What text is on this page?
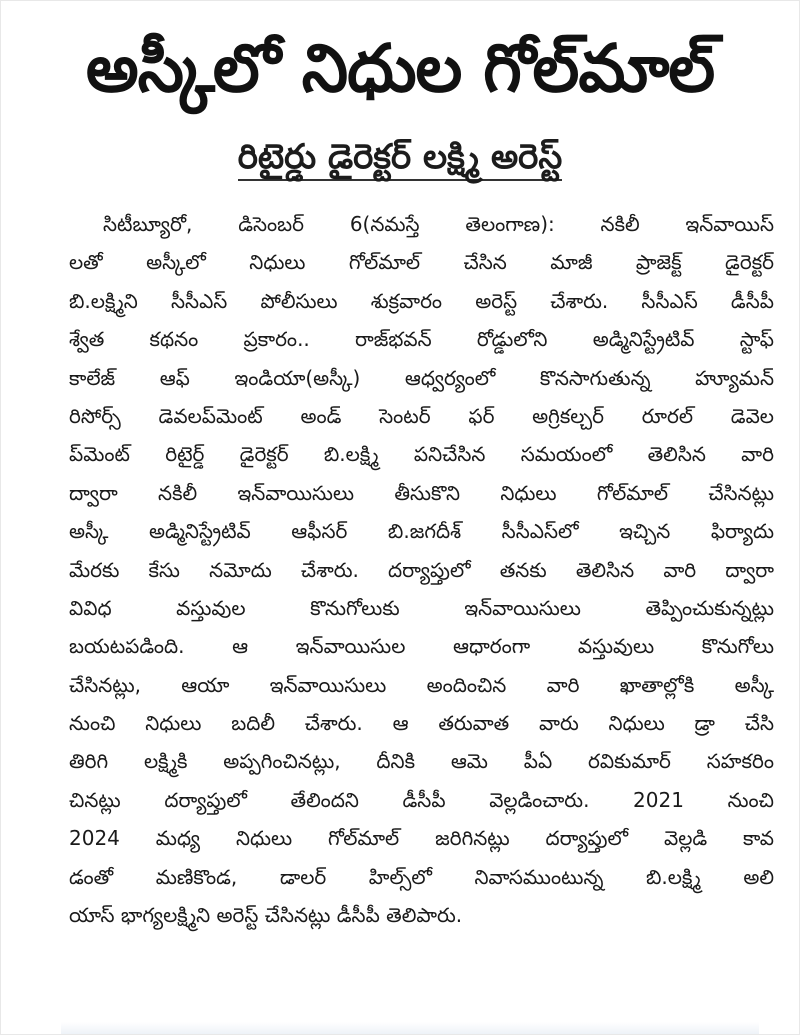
అస్కీలో నిధుల గోల్‌మాల్
రిటైర్డు డైరెక్టర్ లక్ష్మి అరెస్ట్
సిటీబ్యూరో, డిసెంబర్ 6(నమస్తే తెలంగాణ): నకిలీ ఇన్‌వాయిస్
లతో అస్కీలో నిధులు గోల్‌మాల్ చేసిన మాజీ ప్రాజెక్ట్ డైరెక్టర్
బి.లక్ష్మిని సీసీఎస్ పోలీసులు శుక్రవారం అరెస్ట్ చేశారు. సీసీఎస్ డీసీపీ
శ్వేత కథనం ప్రకారం.. రాజ్‌భవన్ రోడ్డులోని అడ్మినిస్ట్రేటివ్ స్టాఫ్
కాలేజ్ ఆఫ్ ఇండియా(అస్కీ) ఆధ్వర్యంలో కొనసాగుతున్న హ్యూమన్
రిసోర్స్ డెవలప్‌మెంట్ అండ్ సెంటర్ ఫర్ అగ్రికల్చర్ రూరల్ డెవెల
ప్‌మెంట్ రిటైర్డ్ డైరెక్టర్ బి.లక్ష్మి పనిచేసిన సమయంలో తెలిసిన వారి
ద్వారా నకిలీ ఇన్‌వాయిసులు తీసుకొని నిధులు గోల్‌మాల్ చేసినట్లు
అస్కీ అడ్మినిస్ట్రేటివ్ ఆఫీసర్ బి.జగదీశ్ సీసీఎస్‌లో ఇచ్చిన ఫిర్యాదు
మేరకు కేసు నమోదు చేశారు. దర్యాప్తులో తనకు తెలిసిన వారి ద్వారా
వివిధ వస్తువుల కొనుగోలుకు ఇన్‌వాయిసులు తెప్పించుకున్నట్లు
బయటపడింది. ఆ ఇన్‌వాయిసుల ఆధారంగా వస్తువులు కొనుగోలు
చేసినట్లు, ఆయా ఇన్‌వాయిసులు అందించిన వారి ఖాతాల్లోకి అస్కీ
నుంచి నిధులు బదిలీ చేశారు. ఆ తరువాత వారు నిధులు డ్రా చేసి
తిరిగి లక్ష్మికి అప్పగించినట్లు, దీనికి ఆమె పీఏ రవికుమార్ సహకరిం
చినట్లు దర్యాప్తులో తేలిందని డీసీపీ వెల్లడించారు. 2021 నుంచి
2024 మధ్య నిధులు గోల్‌మాల్ జరిగినట్లు దర్యాప్తులో వెల్లడి కావ
డంతో మణికొండ, డాలర్ హిల్స్‌లో నివాసముంటున్న బి.లక్ష్మి అలి
యాస్ భాగ్యలక్ష్మిని అరెస్ట్ చేసినట్లు డీసీపీ తెలిపారు.
